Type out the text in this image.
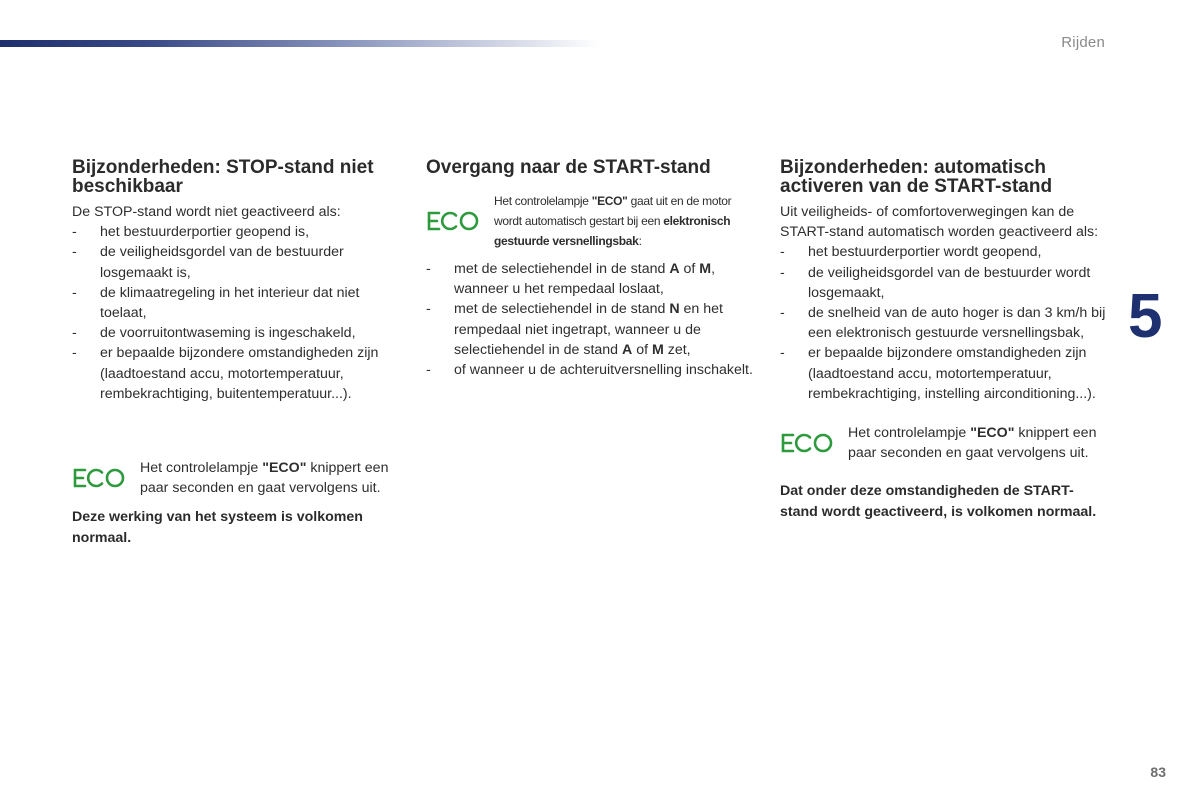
Rijden
5
83
Bijzonderheden: STOP-stand niet beschikbaar

De STOP-stand wordt niet geactiveerd als:

- het bestuurderportier geopend is,
- de veiligheidsgordel van de bestuurder losgemaakt is,
- de klimaatregeling in het interieur dat niet toelaat,
- de voorruitontwaseming is ingeschakeld,
- er bepaalde bijzondere omstandigheden zijn (laadtoestand accu, motortemperatuur, rembekrachtiging, buitentemperatuur...).

Het controlelampje "ECO" knippert een paar seconden en gaat vervolgens uit.

Deze werking van het systeem is volkomen normaal.

Overgang naar de START-stand

Het controlelampje "ECO" gaat uit en de motor wordt automatisch gestart bij een elektronisch gestuurde versnellingsbak:

- met de selectiehendel in de stand A of M, wanneer u het rempedaal loslaat,
- met de selectiehendel in de stand N en het rempedaal niet ingetrapt, wanneer u de selectiehendel in de stand A of M zet,
- of wanneer u de achteruitversnelling inschakelt.
Bijzonderheden: automatisch activeren van de START-stand

Uit veiligheids- of comfortoverwegingen kan de START-stand automatisch worden geactiveerd als:

- het bestuurderportier wordt geopend,
- de veiligheidsgordel van de bestuurder wordt losgemaakt,
- de snelheid van de auto hoger is dan 3 km/h bij een elektronisch gestuurde versnellingsbak,
- er bepaalde bijzondere omstandigheden zijn (laadtoestand accu, motortemperatuur, rembekrachtiging, instelling airconditioning...).

Het controlelampje "ECO" knippert een paar seconden en gaat vervolgens uit.

Dat onder deze omstandigheden de START-stand wordt geactiveerd, is volkomen normaal.
